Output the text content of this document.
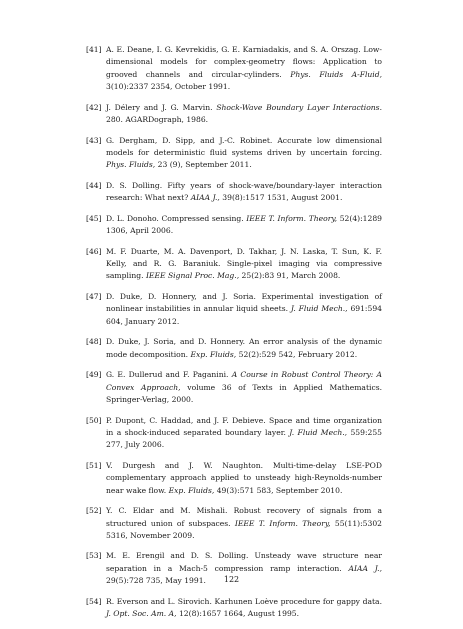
[41] A. E. Deane, I. G. Kevrekidis, G. E. Karniadakis, and S. A. Orszag. Low-dimensional models for complex-geometry flows: Application to grooved channels and circular-cylinders. Phys. Fluids A-Fluid, 3(10):2337 2354, October 1991.
[42] J. Délery and J. G. Marvin. Shock-Wave Boundary Layer Interactions. 280. AGARDograph, 1986.
[43] G. Dergham, D. Sipp, and J.-C. Robinet. Accurate low dimensional models for deterministic fluid systems driven by uncertain forcing. Phys. Fluids, 23 (9), September 2011.
[44] D. S. Dolling. Fifty years of shock-wave/boundary-layer interaction research: What next? AIAA J., 39(8):1517 1531, August 2001.
[45] D. L. Donoho. Compressed sensing. IEEE T. Inform. Theory, 52(4):1289 1306, April 2006.
[46] M. F. Duarte, M. A. Davenport, D. Takhar, J. N. Laska, T. Sun, K. F. Kelly, and R. G. Baraniuk. Single-pixel imaging via compressive sampling. IEEE Signal Proc. Mag., 25(2):83 91, March 2008.
[47] D. Duke, D. Honnery, and J. Soria. Experimental investigation of nonlinear instabilities in annular liquid sheets. J. Fluid Mech., 691:594 604, January 2012.
[48] D. Duke, J. Soria, and D. Honnery. An error analysis of the dynamic mode decomposition. Exp. Fluids, 52(2):529 542, February 2012.
[49] G. E. Dullerud and F. Paganini. A Course in Robust Control Theory: A Convex Approach, volume 36 of Texts in Applied Mathematics. Springer-Verlag, 2000.
[50] P. Dupont, C. Haddad, and J. F. Debieve. Space and time organization in a shock-induced separated boundary layer. J. Fluid Mech., 559:255 277, July 2006.
[51] V. Durgesh and J. W. Naughton. Multi-time-delay LSE-POD complementary approach applied to unsteady high-Reynolds-number near wake flow. Exp. Fluids, 49(3):571 583, September 2010.
[52] Y. C. Eldar and M. Mishali. Robust recovery of signals from a structured union of subspaces. IEEE T. Inform. Theory, 55(11):5302 5316, November 2009.
[53] M. E. Erengil and D. S. Dolling. Unsteady wave structure near separation in a Mach-5 compression ramp interaction. AIAA J., 29(5):728 735, May 1991.
[54] R. Everson and L. Sirovich. Karhunen Loève procedure for gappy data. J. Opt. Soc. Am. A, 12(8):1657 1664, August 1995.
122
